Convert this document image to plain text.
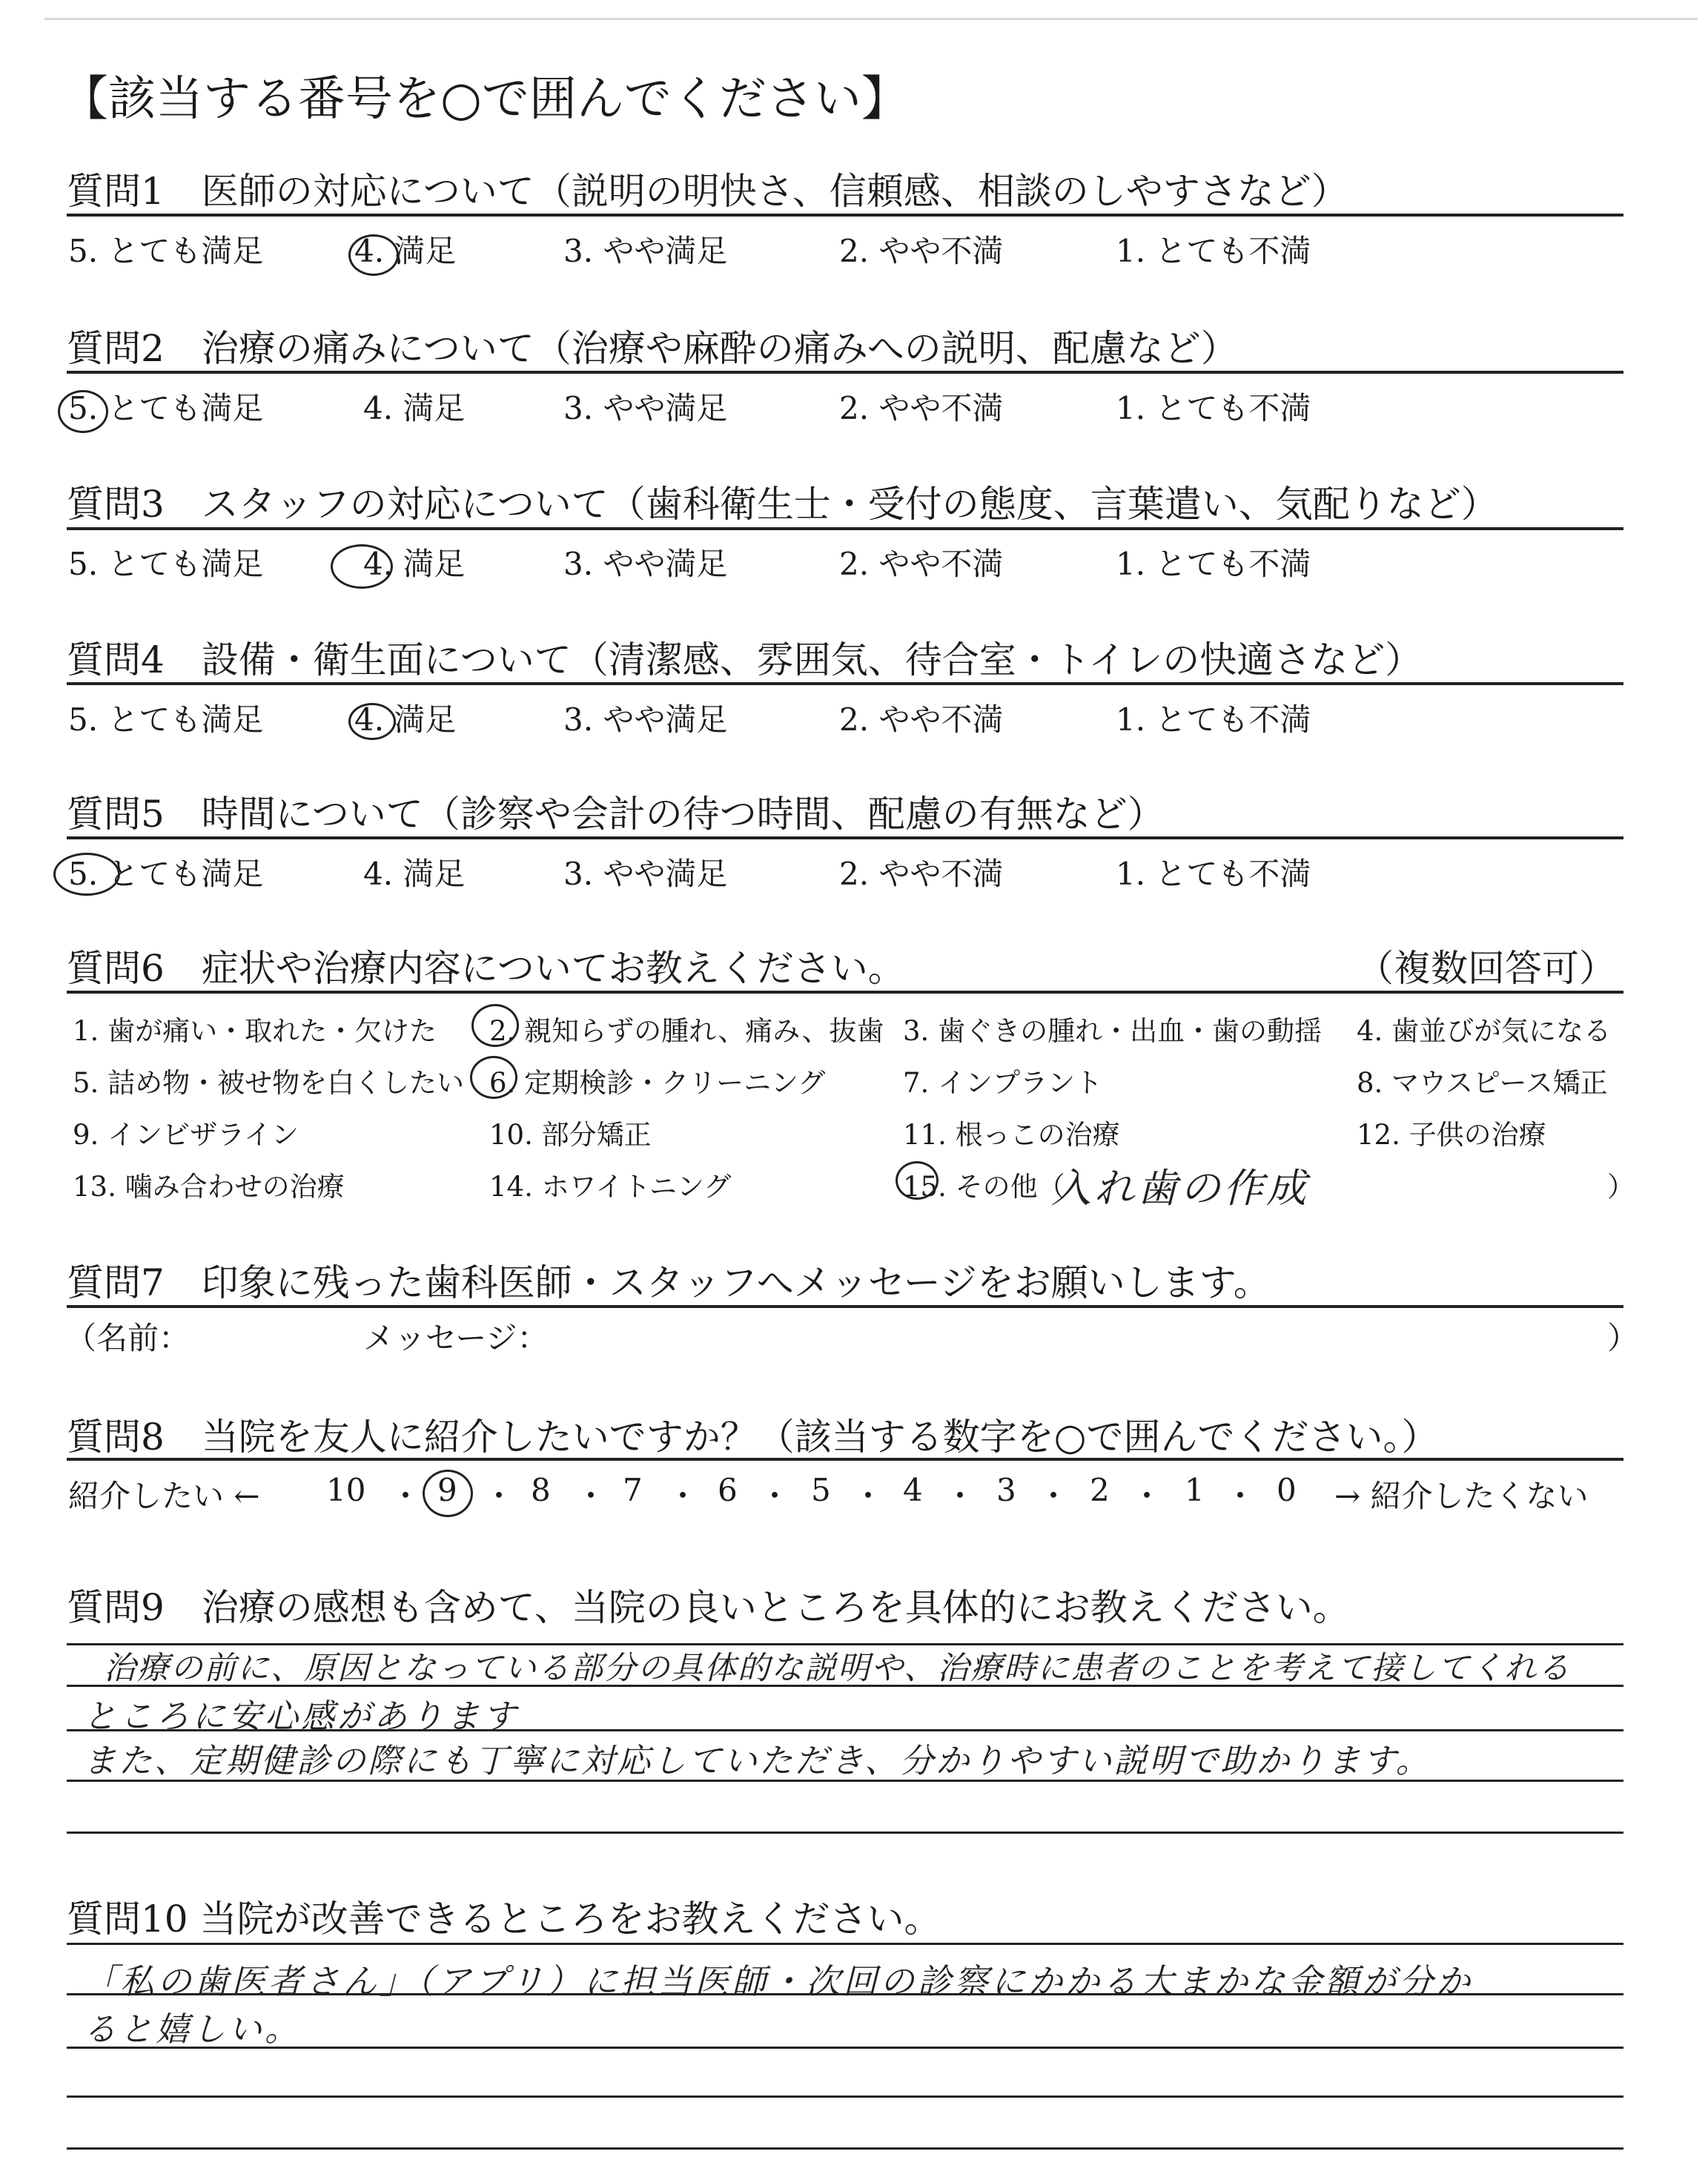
【該当する番号を○で囲んでください】
質問1　医師の対応について（説明の明快さ、信頼感、相談のしやすさなど）
5. とても満足	4. 満足	3. やや満足	2. やや不満	1. とても不満
質問2　治療の痛みについて（治療や麻酔の痛みへの説明、配慮など）
5. とても満足	4. 満足	3. やや満足	2. やや不満	1. とても不満
質問3　スタッフの対応について（歯科衛生士・受付の態度、言葉遣い、気配りなど）
5. とても満足	4. 満足	3. やや満足	2. やや不満	1. とても不満
質問4　設備・衛生面について（清潔感、雰囲気、待合室・トイレの快適さなど）
5. とても満足	4. 満足	3. やや満足	2. やや不満	1. とても不満
質問5　時間について（診察や会計の待つ時間、配慮の有無など）
5. とても満足	4. 満足	3. やや満足	2. やや不満	1. とても不満
質問6　症状や治療内容についてお教えください。	（複数回答可）
1. 歯が痛い・取れた・欠けた 2. 親知らずの腫れ、痛み、抜歯 3. 歯ぐきの腫れ・出血・歯の動揺 4. 歯並びが気になる
5. 詰め物・被せ物を白くしたい 6. 定期検診・クリーニング	7. インプラント	8. マウスピース矯正
9. インビザライン	10. 部分矯正	11. 根っこの治療	12. 子供の治療
13. 噛み合わせの治療	14. ホワイトニング	15. その他（
入れ歯の作成	）
質問7　印象に残った歯科医師・スタッフへメッセージをお願いします。
（名前：	メッセージ：	）
質問8　当院を友人に紹介したいですか？（該当する数字を○で囲んでください。）
紹介したい ← 10 ・ 9 ・ 8 ・ 7 ・ 6 ・ 5 ・ 4 ・ 3 ・ 2 ・ 1 ・ 0 → 紹介したくない
質問9　治療の感想も含めて、当院の良いところを具体的にお教えください。
治療の前に、原因となっている部分の具体的な説明や、治療時に患者のことを考えて接してくれる
ところに安心感があります
また、定期健診の際にも丁寧に対応していただき、分かりやすい説明で助かります。
質問10 当院が改善できるところをお教えください。
「私の歯医者さん」（アプリ）に担当医師・次回の診察にかかる大まかな金額が分か
ると嬉しい。
